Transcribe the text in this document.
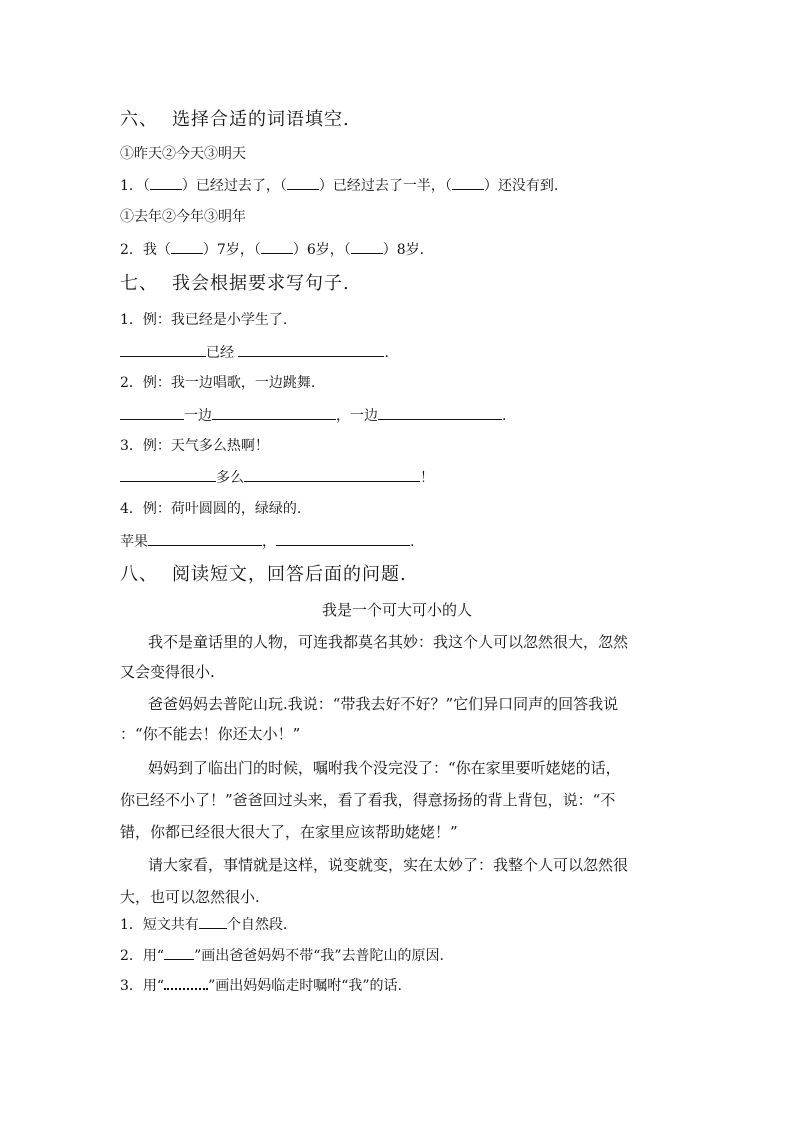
六、 选择合适的词语填空.
①昨天②今天③明天
1．（ ）已经过去了，（ ）已经过去了一半，（ ）还没有到.
①去年②今年③明年
2．我（ ）7岁，（ ）6岁，（ ）8岁.
七、 我会根据要求写句子.
1．例：我已经是小学生了.
已经	.
2．例：我一边唱歌，一边跳舞.
一边	，一边	.
3．例：天气多么热啊！
多么	！
4．例：荷叶圆圆的，绿绿的.
苹果	，	.
八、 阅读短文，回答后面的问题.
我是一个可大可小的人
我不是童话里的人物，可连我都莫名其妙：我这个人可以忽然很大，忽然
又会变得很小.
爸爸妈妈去普陀山玩.我说：“带我去好不好？”它们异口同声的回答我说
：“你不能去！你还太小！”
妈妈到了临出门的时候，嘱咐我个没完没了：“你在家里要听姥姥的话，
你已经不小了！”爸爸回过头来，看了看我，得意扬扬的背上背包，说：“不
错，你都已经很大很大了，在家里应该帮助姥姥！”
请大家看，事情就是这样，说变就变，实在太妙了：我整个人可以忽然很
大，也可以忽然很小.
1．短文共有 个自然段.
2．用“ ”画出爸爸妈妈不带“我”去普陀山的原因.
3．用“	”画出妈妈临走时嘱咐“我”的话.
